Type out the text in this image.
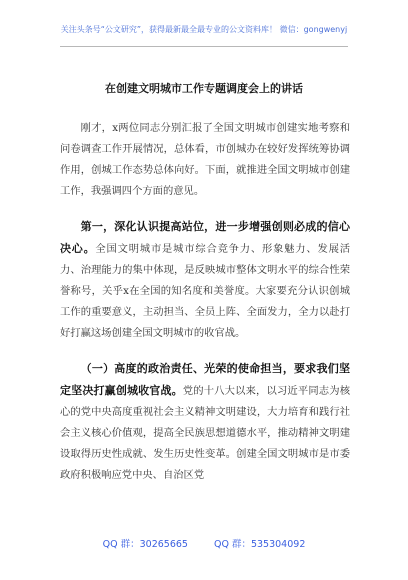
关注头条号“公文研究”，获得最新最全最专业的公文资料库！ 微信：gongwenyj
在创建文明城市工作专题调度会上的讲话

刚才，x两位同志分别汇报了全国文明城市创建实地考察和问卷调查工作开展情况，总体看，市创城办在较好发挥统筹协调作用，创城工作态势总体向好。下面，就推进全国文明城市创建工作，我强调四个方面的意见。

第一，深化认识提高站位，进一步增强创则必成的信心决心。全国文明城市是城市综合竞争力、形象魅力、发展活力、治理能力的集中体现，是反映城市整体文明水平的综合性荣誉称号，关乎x在全国的知名度和美誉度。大家要充分认识创城工作的重要意义，主动担当、全员上阵、全面发力，全力以赴打好打赢这场创建全国文明城市的收官战。

（一）高度的政治责任、光荣的使命担当，要求我们坚定坚决打赢创城收官战。党的十八大以来，以习近平同志为核心的党中央高度重视社会主义精神文明建设，大力培育和践行社会主义核心价值观，提高全民族思想道德水平，推动精神文明建设取得历史性成就、发生历史性变革。创建全国文明城市是市委政府积极响应党中央、自治区党

QQ 群：30265665	QQ 群：535304092
